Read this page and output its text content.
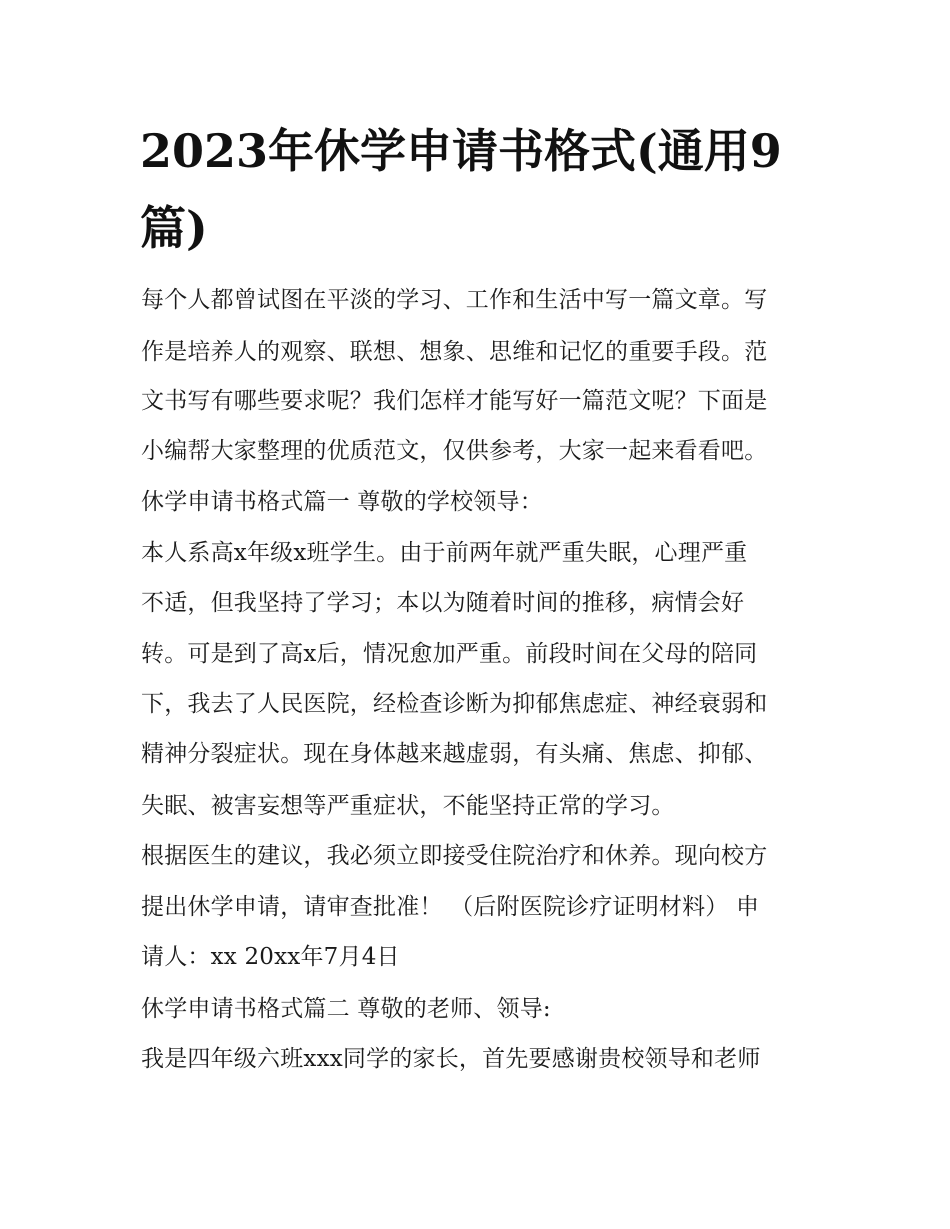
2023年休学申请书格式(通用9
篇)
每个人都曾试图在平淡的学习、工作和生活中写一篇文章。写
作是培养人的观察、联想、想象、思维和记忆的重要手段。范
文书写有哪些要求呢？我们怎样才能写好一篇范文呢？下面是
小编帮大家整理的优质范文，仅供参考，大家一起来看看吧。
休学申请书格式篇一 尊敬的学校领导：
本人系高x年级x班学生。由于前两年就严重失眠，心理严重
不适，但我坚持了学习；本以为随着时间的推移，病情会好
转。可是到了高x后，情况愈加严重。前段时间在父母的陪同
下，我去了人民医院，经检查诊断为抑郁焦虑症、神经衰弱和
精神分裂症状。现在身体越来越虚弱，有头痛、焦虑、抑郁、
失眠、被害妄想等严重症状，不能坚持正常的学习。
根据医生的建议，我必须立即接受住院治疗和休养。现向校方
提出休学申请，请审查批准！ （后附医院诊疗证明材料） 申
请人：xx 20xx年7月4日
休学申请书格式篇二 尊敬的老师、领导:
我是四年级六班xxx同学的家长，首先要感谢贵校领导和老师
